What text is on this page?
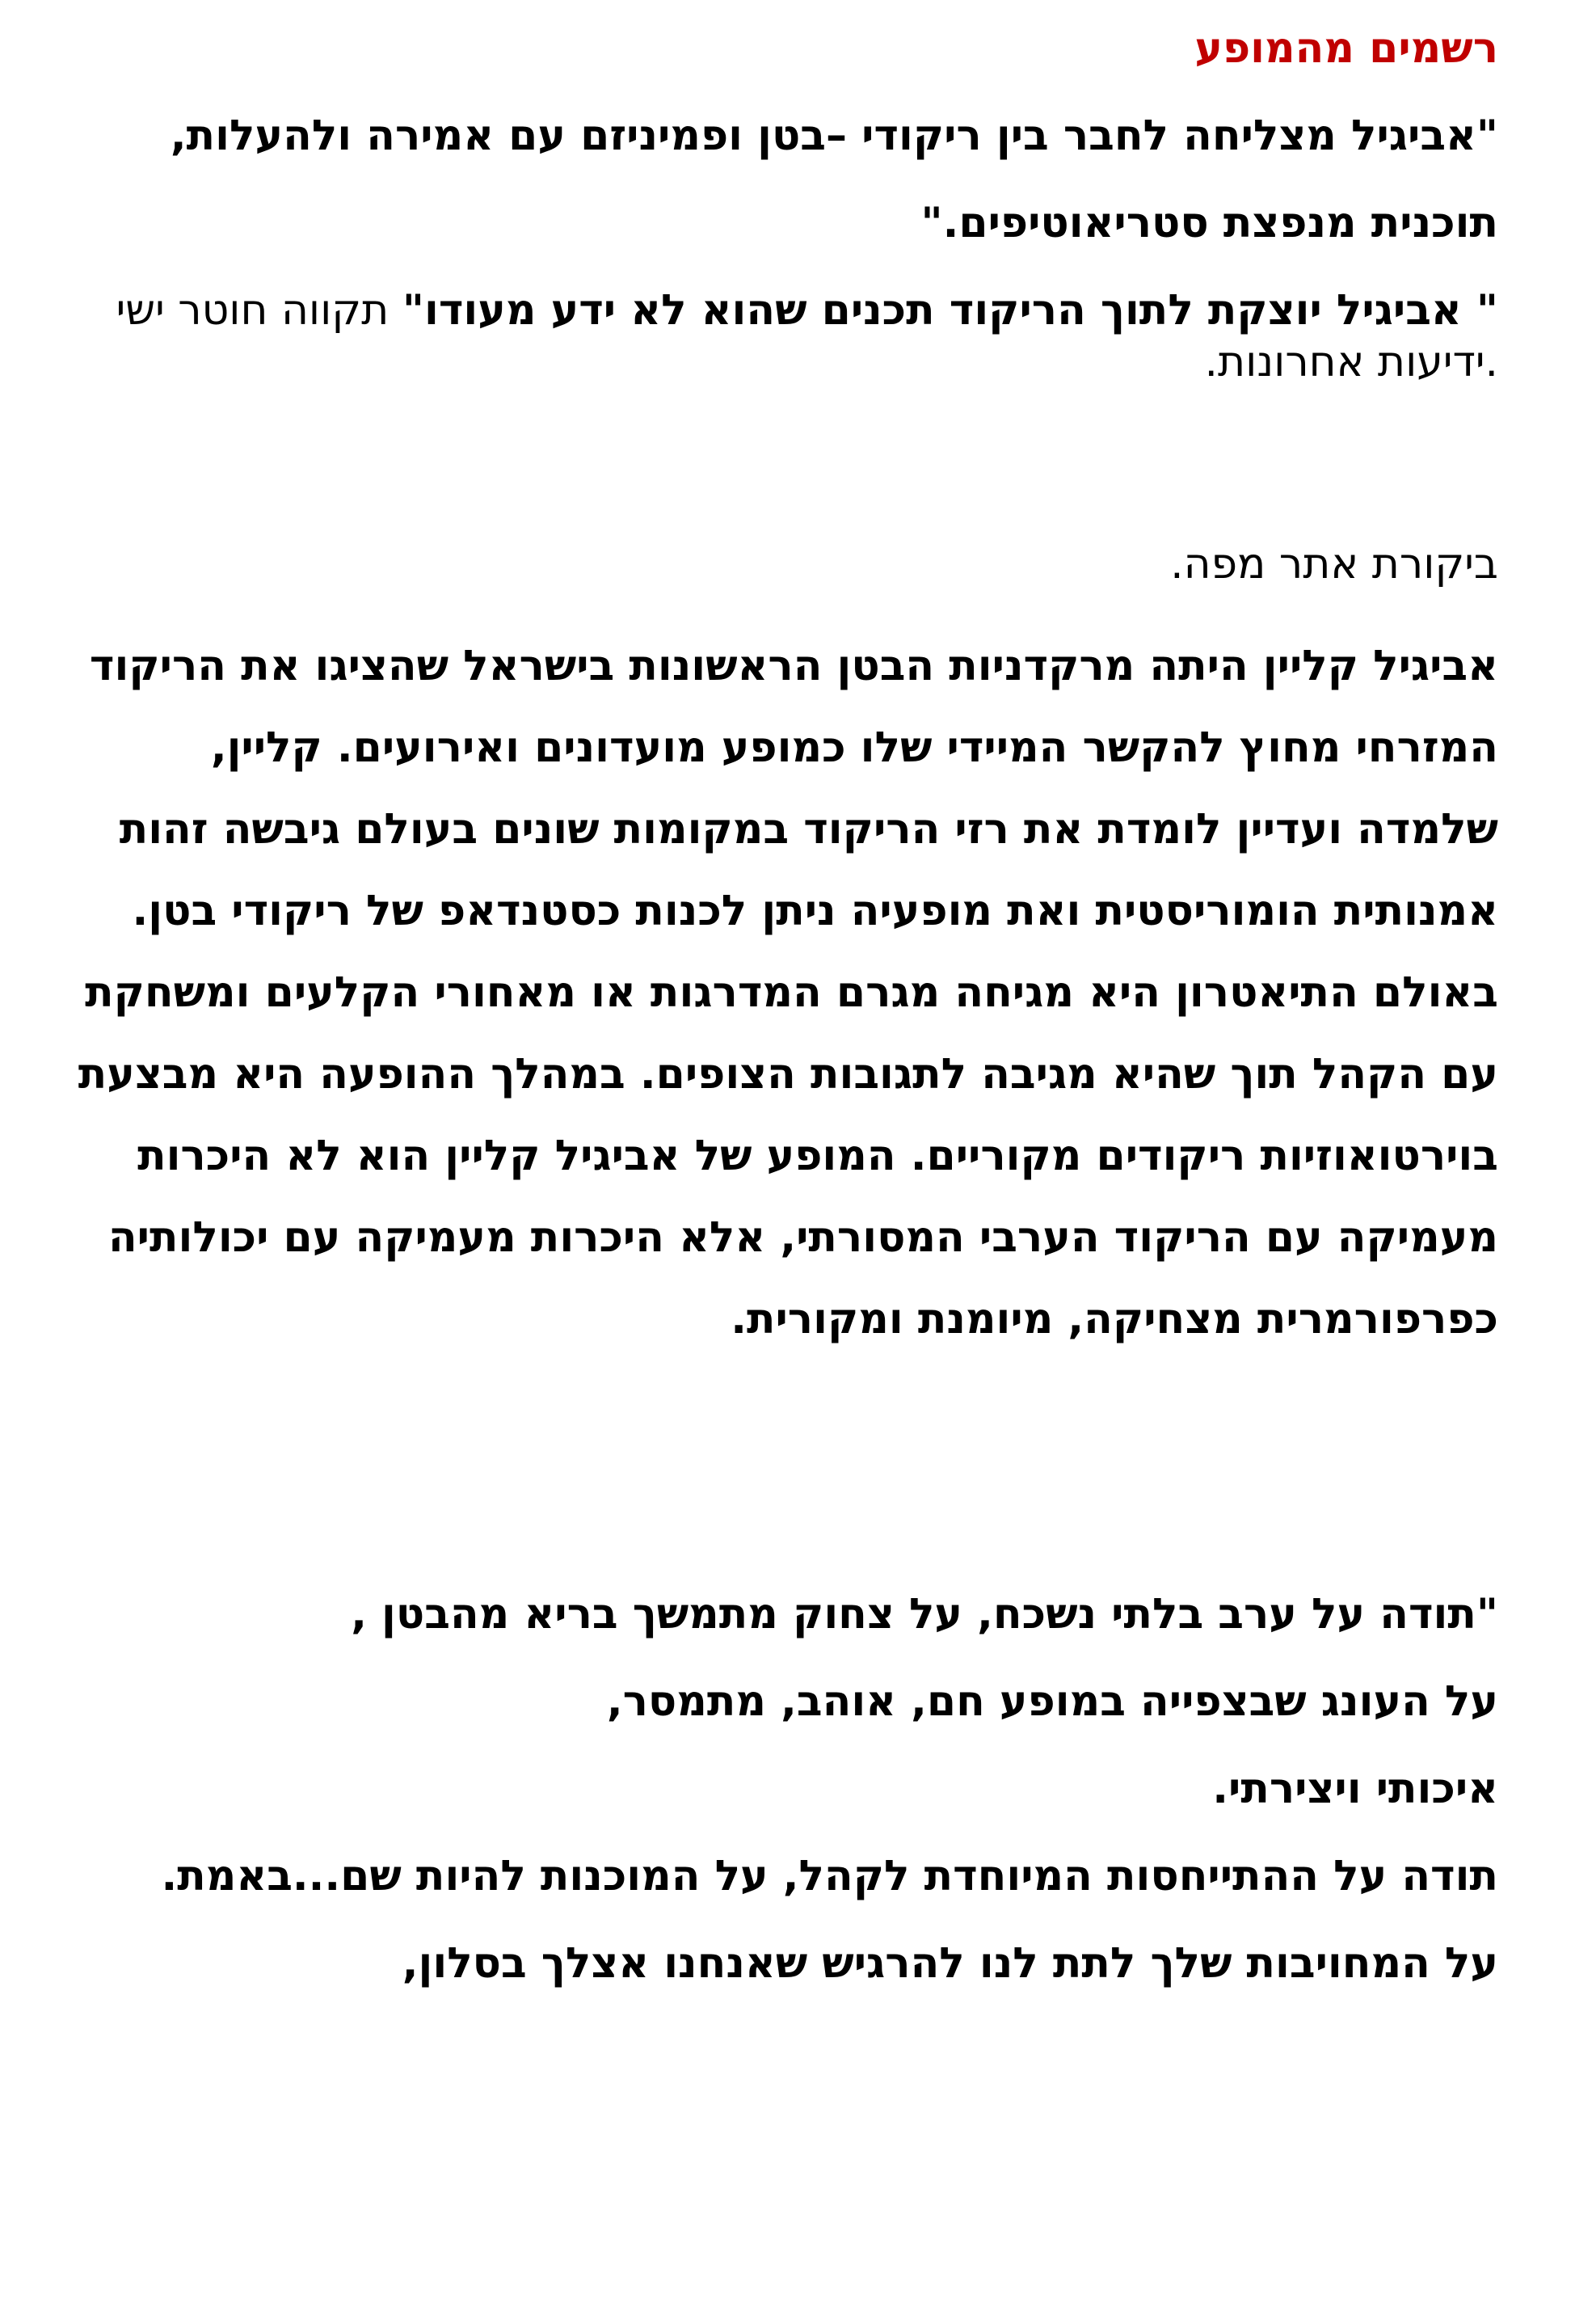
רשמים מהמופע

"אביגיל מצליחה לחבר בין ריקודי –בטן ופמיניזם עם אמירה ולהעלות,

תוכנית מנפצת סטריאוטיפים."

" אביגיל יוצקת לתוך הריקוד תכנים שהוא לא ידע מעודו" תקווה חוטר ישי .ידיעות אחרונות.

ביקורת אתר מפה.

אביגיל קליין היתה מרקדניות הבטן הראשונות בישראל שהציגו את הריקוד המזרחי מחוץ להקשר המיידי שלו כמופע מועדונים ואירועים. קליין, שלמדה ועדיין לומדת את רזי הריקוד במקומות שונים בעולם גיבשה זהות אמנותית הומוריסטית ואת מופעיה ניתן לכנות כסטנדאפ של ריקודי בטן. באולם התיאטרון היא מגיחה מגרם המדרגות או מאחורי הקלעים ומשחקת עם הקהל תוך שהיא מגיבה לתגובות הצופים. במהלך ההופעה היא מבצעת בוירטואוזיות ריקודים מקוריים. המופע של אביגיל קליין הוא לא היכרות מעמיקה עם הריקוד הערבי המסורתי, אלא היכרות מעמיקה עם יכולותיה כפרפורמרית מצחיקה, מיומנת ומקורית.

"תודה על ערב בלתי נשכח, על צחוק מתמשך בריא מהבטן ,

על העונג שבצפייה במופע חם, אוהב, מתמסר,

איכותי ויצירתי.

תודה על ההתייחסות המיוחדת לקהל, על המוכנות להיות שם...באמת.

על המחויבות שלך לתת לנו להרגיש שאנחנו אצלך בסלון,
